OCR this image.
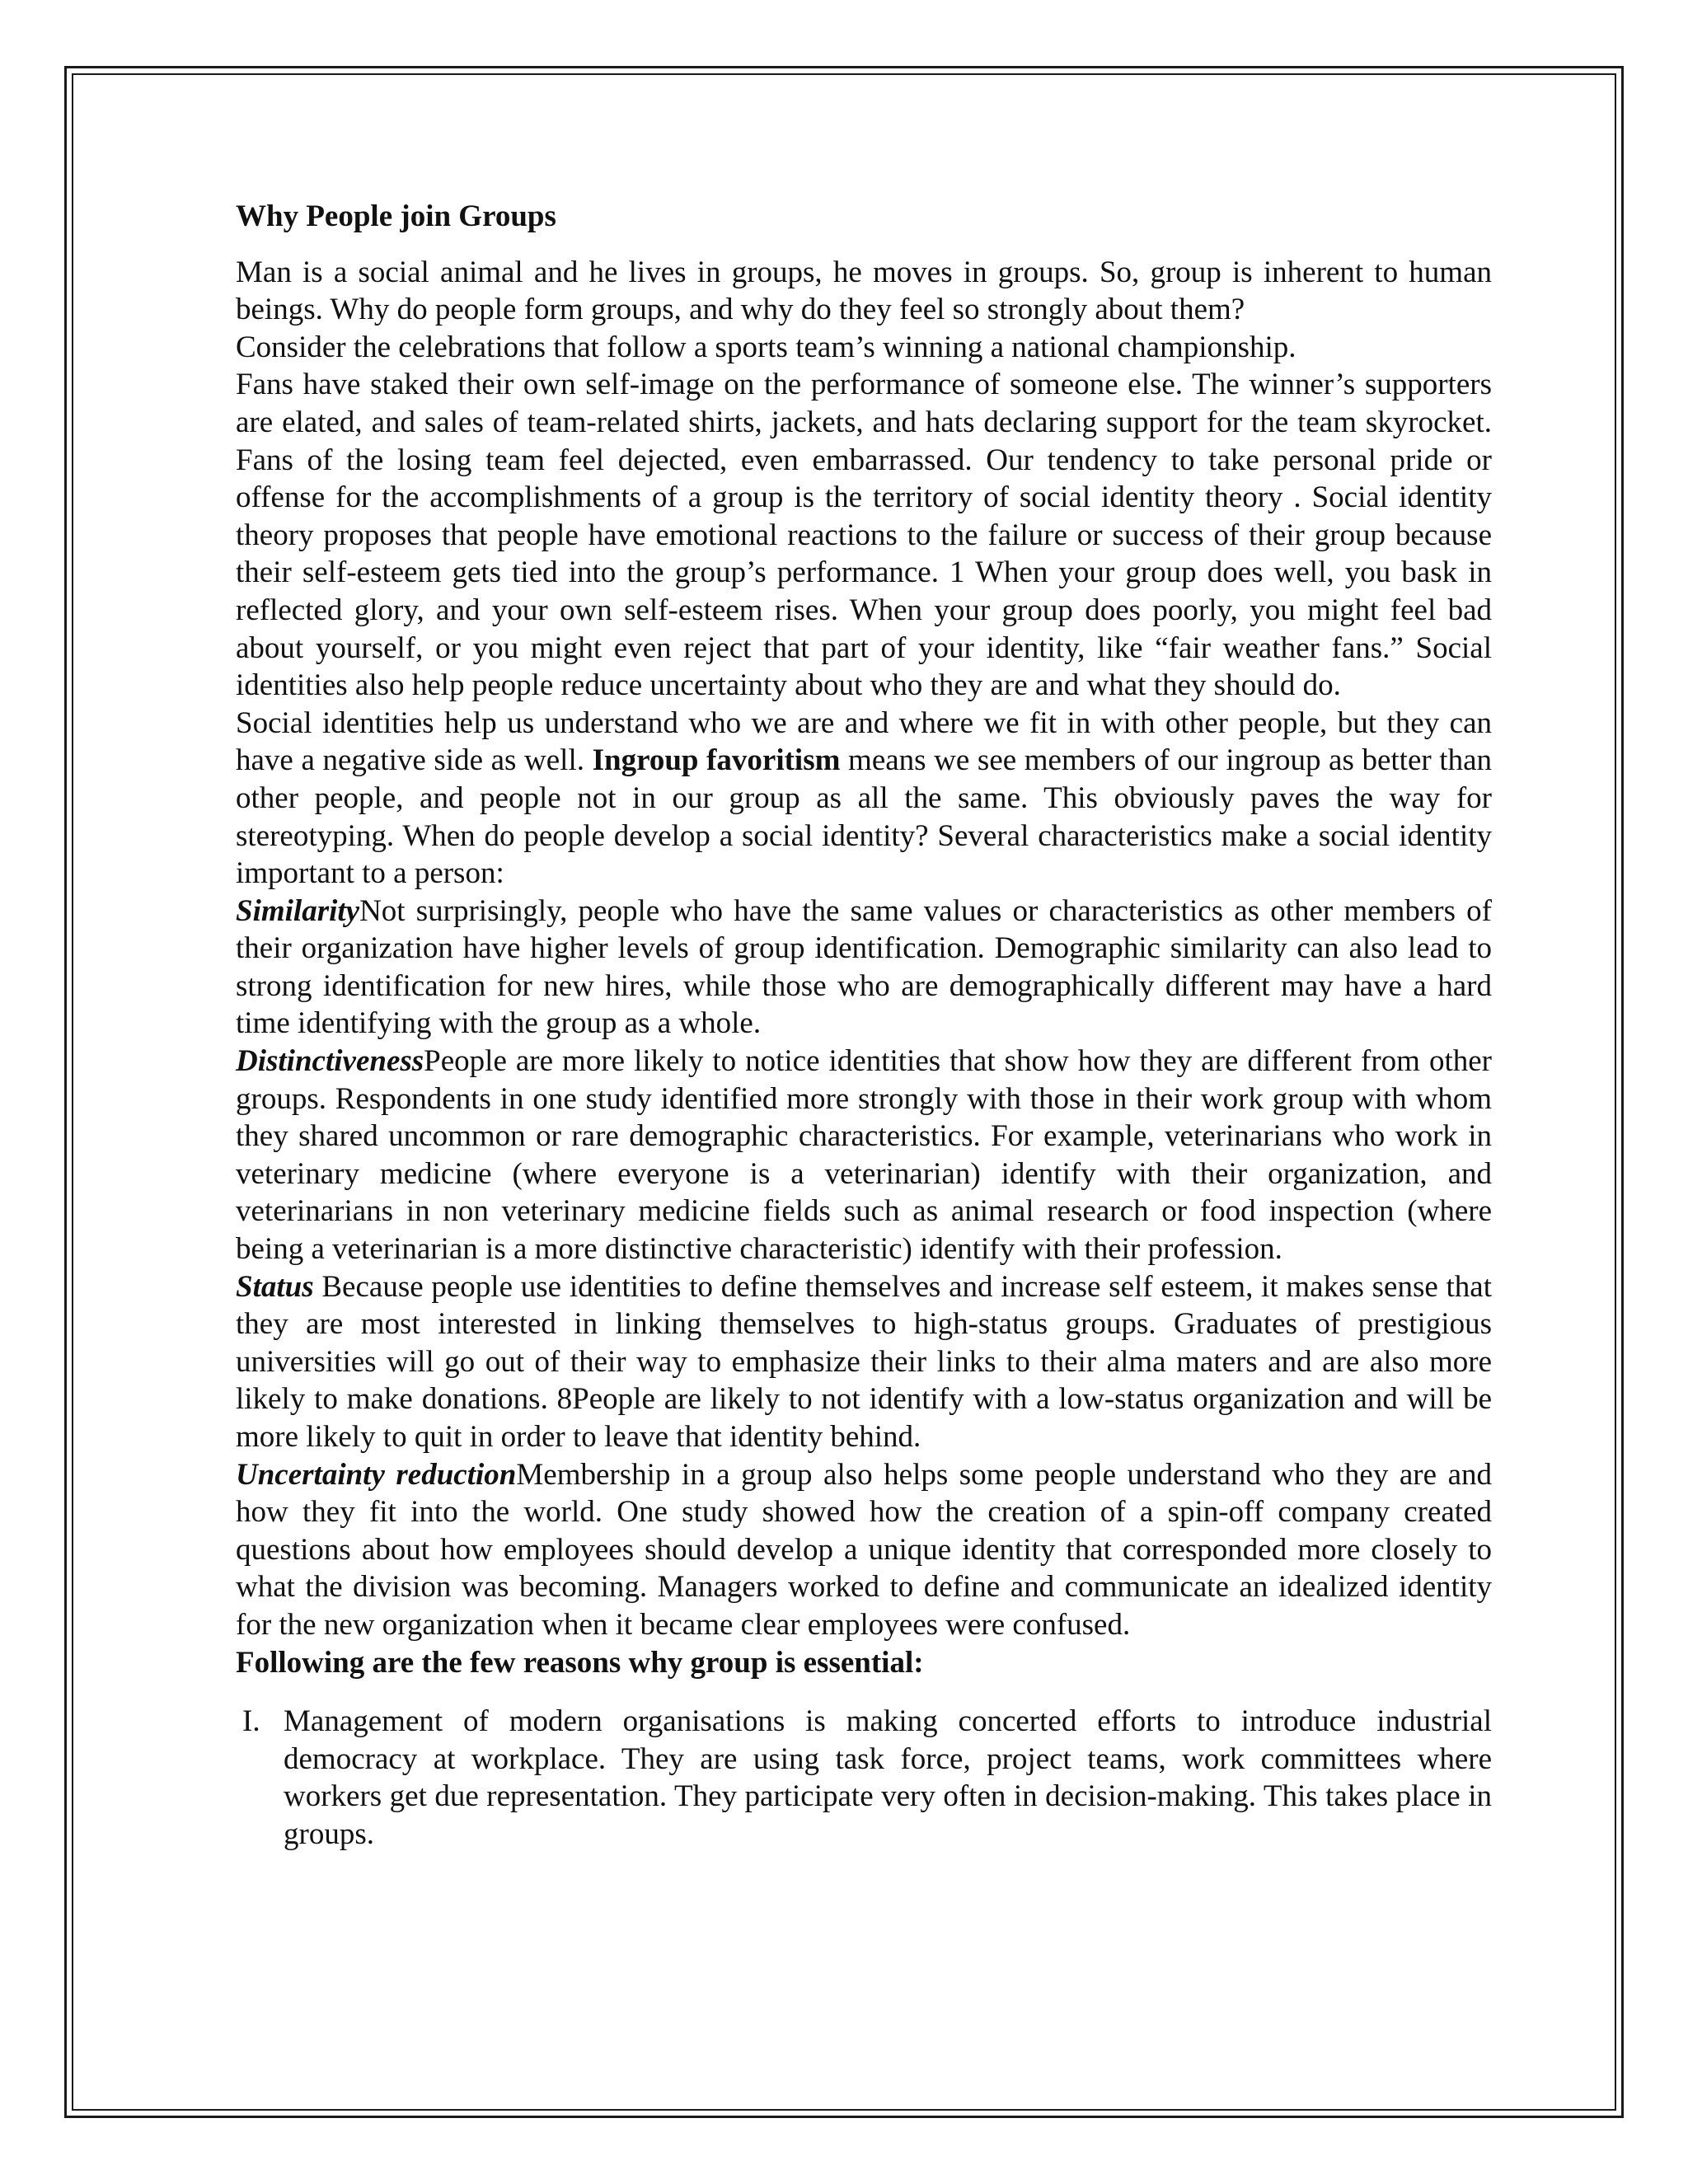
Why People join Groups

Man is a social animal and he lives in groups, he moves in groups. So, group is inherent to human beings. Why do people form groups, and why do they feel so strongly about them?

Consider the celebrations that follow a sports team’s winning a national championship.

Fans have staked their own self-image on the performance of someone else. The winner’s supporters are elated, and sales of team-related shirts, jackets, and hats declaring support for the team skyrocket. Fans of the losing team feel dejected, even embarrassed. Our tendency to take personal pride or offense for the accomplishments of a group is the territory of social identity theory . Social identity theory proposes that people have emotional reactions to the failure or success of their group because their self-esteem gets tied into the group’s performance. 1 When your group does well, you bask in reflected glory, and your own self-esteem rises. When your group does poorly, you might feel bad about yourself, or you might even reject that part of your identity, like “fair weather fans.” Social identities also help people reduce uncertainty about who they are and what they should do.

Social identities help us understand who we are and where we fit in with other people, but they can have a negative side as well. Ingroup favoritism means we see members of our ingroup as better than other people, and people not in our group as all the same. This obviously paves the way for stereotyping. When do people develop a social identity? Several characteristics make a social identity important to a person:

SimilarityNot surprisingly, people who have the same values or characteristics as other members of their organization have higher levels of group identification. Demographic similarity can also lead to strong identification for new hires, while those who are demographically different may have a hard time identifying with the group as a whole.

DistinctivenessPeople are more likely to notice identities that show how they are different from other groups. Respondents in one study identified more strongly with those in their work group with whom they shared uncommon or rare demographic characteristics. For example, veterinarians who work in veterinary medicine (where everyone is a veterinarian) identify with their organization, and veterinarians in non veterinary medicine fields such as animal research or food inspection (where being a veterinarian is a more distinctive characteristic) identify with their profession.

Status Because people use identities to define themselves and increase self esteem, it makes sense that they are most interested in linking themselves to high-status groups. Graduates of prestigious universities will go out of their way to emphasize their links to their alma maters and are also more likely to make donations. 8People are likely to not identify with a low-status organization and will be more likely to quit in order to leave that identity behind.

Uncertainty reductionMembership in a group also helps some people understand who they are and how they fit into the world. One study showed how the creation of a spin-off company created questions about how employees should develop a unique identity that corresponded more closely to what the division was becoming. Managers worked to define and communicate an idealized identity for the new organization when it became clear employees were confused.

Following are the few reasons why group is essential:

I. Management of modern organisations is making concerted efforts to introduce industrial democracy at workplace. They are using task force, project teams, work committees where workers get due representation. They participate very often in decision-making. This takes place in groups.
